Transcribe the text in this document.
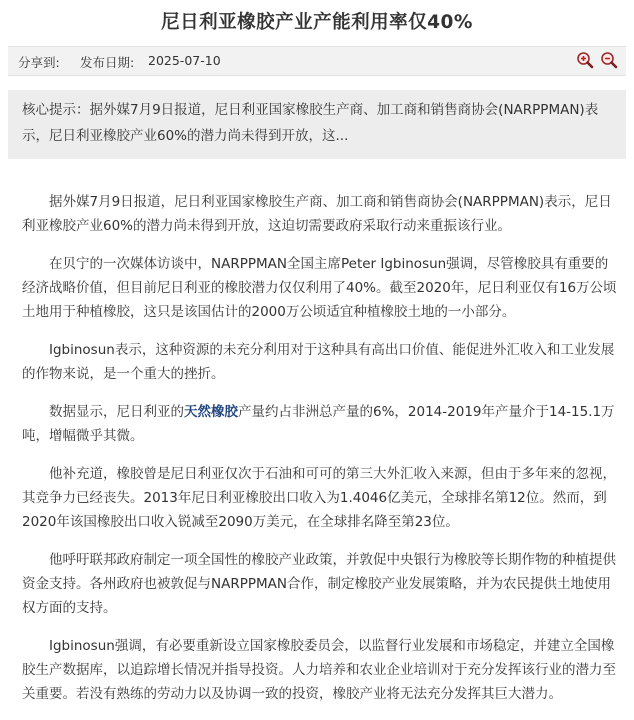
尼日利亚橡胶产业产能利用率仅40%
分享到: 发布日期: 2025-07-10
核心提示：据外媒7月9日报道，尼日利亚国家橡胶生产商、加工商和销售商协会(NARPPMAN)表示，尼日利亚橡胶产业60%的潜力尚未得到开放，这...

据外媒7月9日报道，尼日利亚国家橡胶生产商、加工商和销售商协会(NARPPMAN)表示，尼日利亚橡胶产业60%的潜力尚未得到开放，这迫切需要政府采取行动来重振该行业。

在贝宁的一次媒体访谈中，NARPPMAN全国主席Peter Igbinosun强调，尽管橡胶具有重要的经济战略价值，但目前尼日利亚的橡胶潜力仅仅利用了40%。截至2020年，尼日利亚仅有16万公顷土地用于种植橡胶，这只是该国估计的2000万公顷适宜种植橡胶土地的一小部分。

Igbinosun表示，这种资源的未充分利用对于这种具有高出口价值、能促进外汇收入和工业发展的作物来说，是一个重大的挫折。

数据显示，尼日利亚的天然橡胶产量约占非洲总产量的6%，2014-2019年产量介于14-15.1万吨，增幅微乎其微。

他补充道，橡胶曾是尼日利亚仅次于石油和可可的第三大外汇收入来源，但由于多年来的忽视，其竞争力已经丧失。2013年尼日利亚橡胶出口收入为1.4046亿美元，全球排名第12位。然而，到2020年该国橡胶出口收入锐减至2090万美元，在全球排名降至第23位。

他呼吁联邦政府制定一项全国性的橡胶产业政策，并敦促中央银行为橡胶等长期作物的种植提供资金支持。各州政府也被敦促与NARPPMAN合作，制定橡胶产业发展策略，并为农民提供土地使用权方面的支持。

Igbinosun强调，有必要重新设立国家橡胶委员会，以监督行业发展和市场稳定，并建立全国橡胶生产数据库，以追踪增长情况并指导投资。人力培养和农业企业培训对于充分发挥该行业的潜力至关重要。若没有熟练的劳动力以及协调一致的投资，橡胶产业将无法充分发挥其巨大潜力。
